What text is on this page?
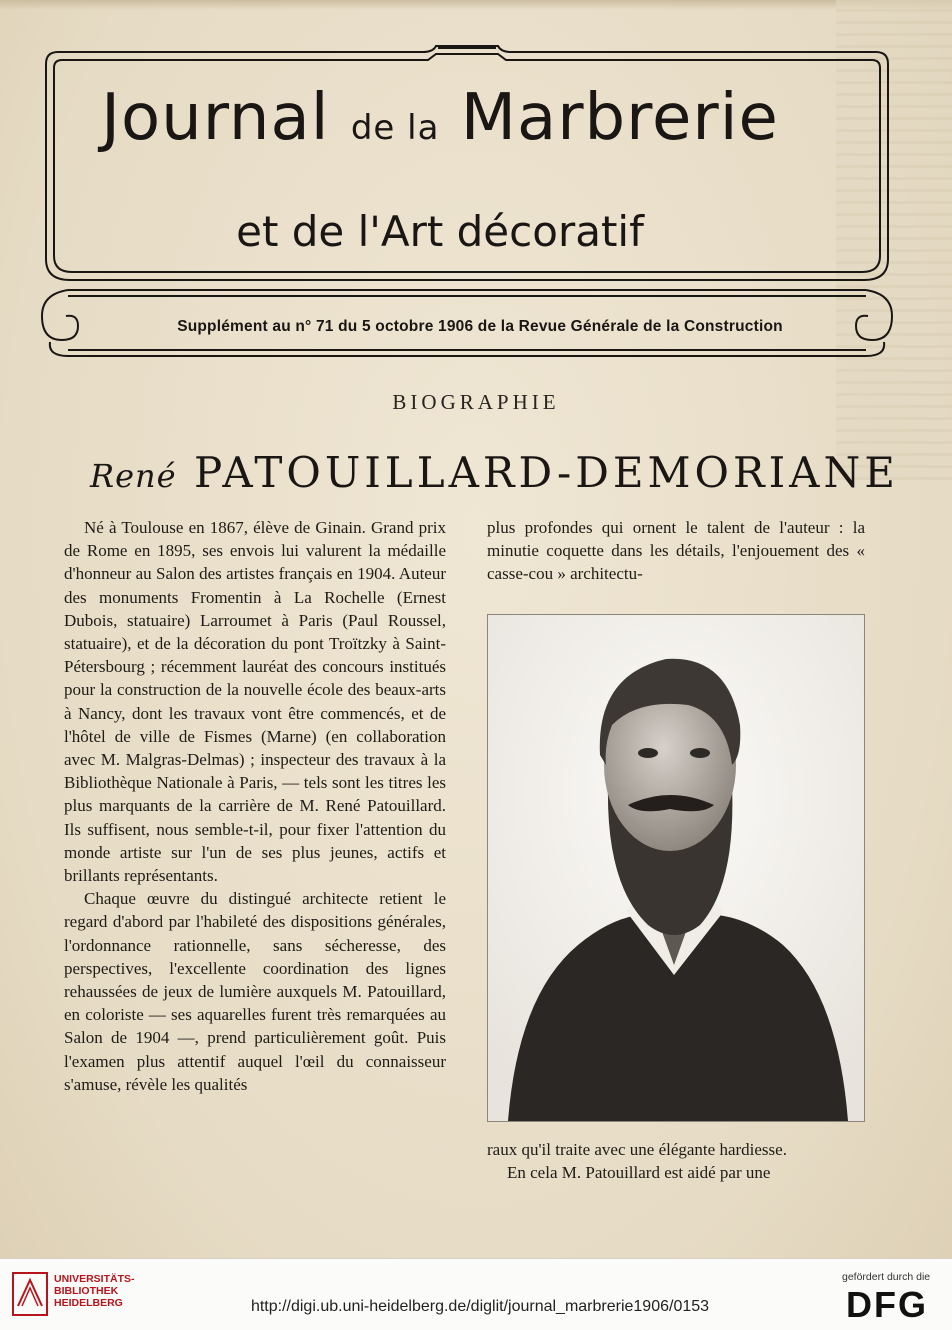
Journal de la Marbrerie
et de l'Art décoratif
Supplément au n° 71 du 5 octobre 1906 de la Revue Générale de la Construction
BIOGRAPHIE
René PATOUILLARD-DEMORIANE

Né à Toulouse en 1867, élève de Ginain. Grand prix de Rome en 1895, ses envois lui valurent la médaille d'honneur au Salon des artistes français en 1904. Auteur des monuments Fromentin à La Rochelle (Ernest Dubois, statuaire) Larroumet à Paris (Paul Roussel, statuaire), et de la décoration du pont Troïtzky à Saint-Pétersbourg ; récemment lauréat des concours institués pour la construction de la nouvelle école des beaux-arts à Nancy, dont les travaux vont être commencés, et de l'hôtel de ville de Fismes (Marne) (en collaboration avec M. Malgras-Delmas) ; inspecteur des travaux à la Bibliothèque Nationale à Paris, — tels sont les titres les plus marquants de la carrière de M. René Patouillard. Ils suffisent, nous semble-t-il, pour fixer l'attention du monde artiste sur l'un de ses plus jeunes, actifs et brillants représentants.

Chaque œuvre du distingué architecte retient le regard d'abord par l'habileté des dispositions générales, l'ordonnance rationnelle, sans sécheresse, des perspectives, l'excellente coordination des lignes rehaussées de jeux de lumière auxquels M. Patouillard, en coloriste — ses aquarelles furent très remarquées au Salon de 1904 —, prend particulièrement goût. Puis l'examen plus attentif auquel l'œil du connaisseur s'amuse, révèle les qualités

plus profondes qui ornent le talent de l'auteur : la minutie coquette dans les détails, l'enjouement des « casse-cou » architectu-

raux qu'il traite avec une élégante hardiesse.

En cela M. Patouillard est aidé par une

UNIVERSITÄTS-
BIBLIOTHEK
HEIDELBERG	http://digi.ub.uni-heidelberg.de/diglit/journal_marbrerie1906/0153
gefördert durch die
DFG
